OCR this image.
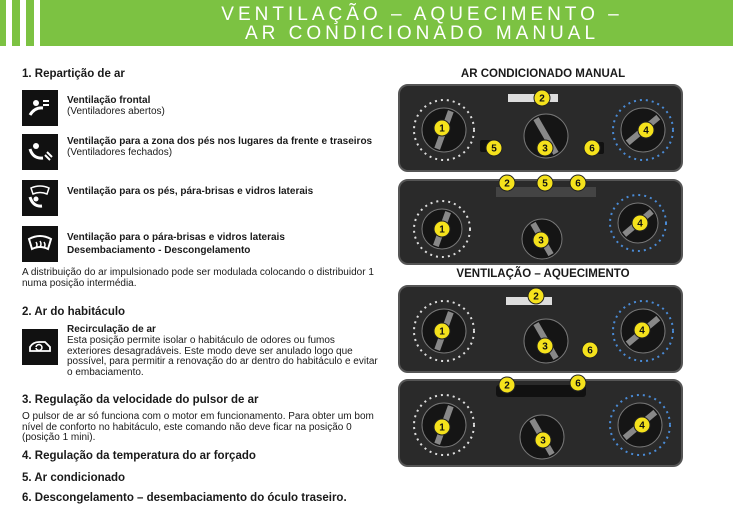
VENTILAÇÃO – AQUECIMENTO –
AR CONDICIONADO MANUAL
1. Repartição de ar
Ventilação frontal
(Ventiladores abertos)
Ventilação para a zona dos pés nos lugares da frente e traseiros
(Ventiladores fechados)
Ventilação para os pés, pára-brisas e vidros laterais
Ventilação para o pára-brisas e vidros laterais
Desembaciamento - Descongelamento
A distribuição do ar impulsionado pode ser modulada colocando o distribuidor 1 numa posição intermédia.
2. Ar do habitáculo
Recirculação de ar
Esta posição permite isolar o habitáculo de odores ou fumos exteriores desagradáveis. Este modo deve ser anulado logo que possível, para permitir a renovação do ar dentro do habitáculo e evitar o embaciamento.
3. Regulação da velocidade do pulsor de ar
O pulsor de ar só funciona com o motor em funcionamento. Para obter um bom nível de conforto no habitáculo, este comando não deve ficar na posição 0 (posição 1 mini).
4. Regulação da temperatura do ar forçado
5. Ar condicionado
6. Descongelamento – desembaciamento do óculo traseiro.
AR CONDICIONADO MANUAL
VENTILAÇÃO – AQUECIMENTO
1
2
3
4
5	6
1
2	5	6
3
4
1
2
3
4
6
1
2	6
3
4
